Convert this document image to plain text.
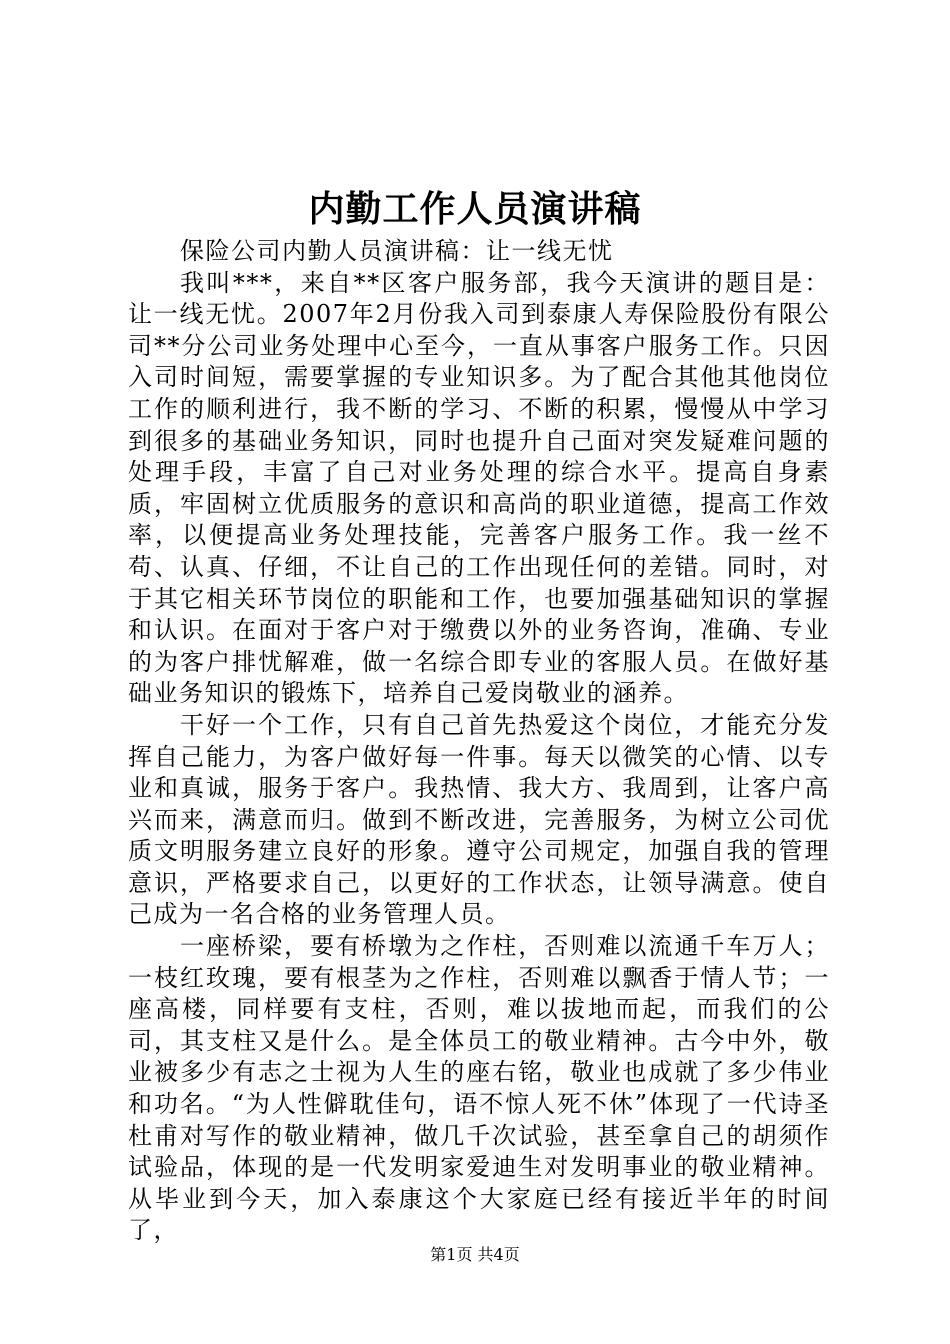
内勤工作人员演讲稿

保险公司内勤人员演讲稿：让一线无忧

我叫***，来自**区客户服务部，我今天演讲的题目是：让一线无忧。2007年2月份我入司到泰康人寿保险股份有限公司**分公司业务处理中心至今，一直从事客户服务工作。只因入司时间短，需要掌握的专业知识多。为了配合其他其他岗位工作的顺利进行，我不断的学习、不断的积累，慢慢从中学习到很多的基础业务知识，同时也提升自己面对突发疑难问题的处理手段，丰富了自己对业务处理的综合水平。提高自身素质，牢固树立优质服务的意识和高尚的职业道德，提高工作效率，以便提高业务处理技能，完善客户服务工作。我一丝不苟、认真、仔细，不让自己的工作出现任何的差错。同时，对于其它相关环节岗位的职能和工作，也要加强基础知识的掌握和认识。在面对于客户对于缴费以外的业务咨询，准确、专业的为客户排忧解难，做一名综合即专业的客服人员。在做好基础业务知识的锻炼下，培养自己爱岗敬业的涵养。

干好一个工作，只有自己首先热爱这个岗位，才能充分发挥自己能力，为客户做好每一件事。每天以微笑的心情、以专业和真诚，服务于客户。我热情、我大方、我周到，让客户高兴而来，满意而归。做到不断改进，完善服务，为树立公司优质文明服务建立良好的形象。遵守公司规定，加强自我的管理意识，严格要求自己，以更好的工作状态，让领导满意。使自己成为一名合格的业务管理人员。

一座桥梁，要有桥墩为之作柱，否则难以流通千车万人；一枝红玫瑰，要有根茎为之作柱，否则难以飘香于情人节；一座高楼，同样要有支柱，否则，难以拔地而起，而我们的公司，其支柱又是什么。是全体员工的敬业精神。古今中外，敬业被多少有志之士视为人生的座右铭，敬业也成就了多少伟业和功名。“为人性僻耽佳句，语不惊人死不休”体现了一代诗圣杜甫对写作的敬业精神，做几千次试验，甚至拿自己的胡须作试验品，体现的是一代发明家爱迪生对发明事业的敬业精神。从毕业到今天，加入泰康这个大家庭已经有接近半年的时间了，

第1页 共4页
